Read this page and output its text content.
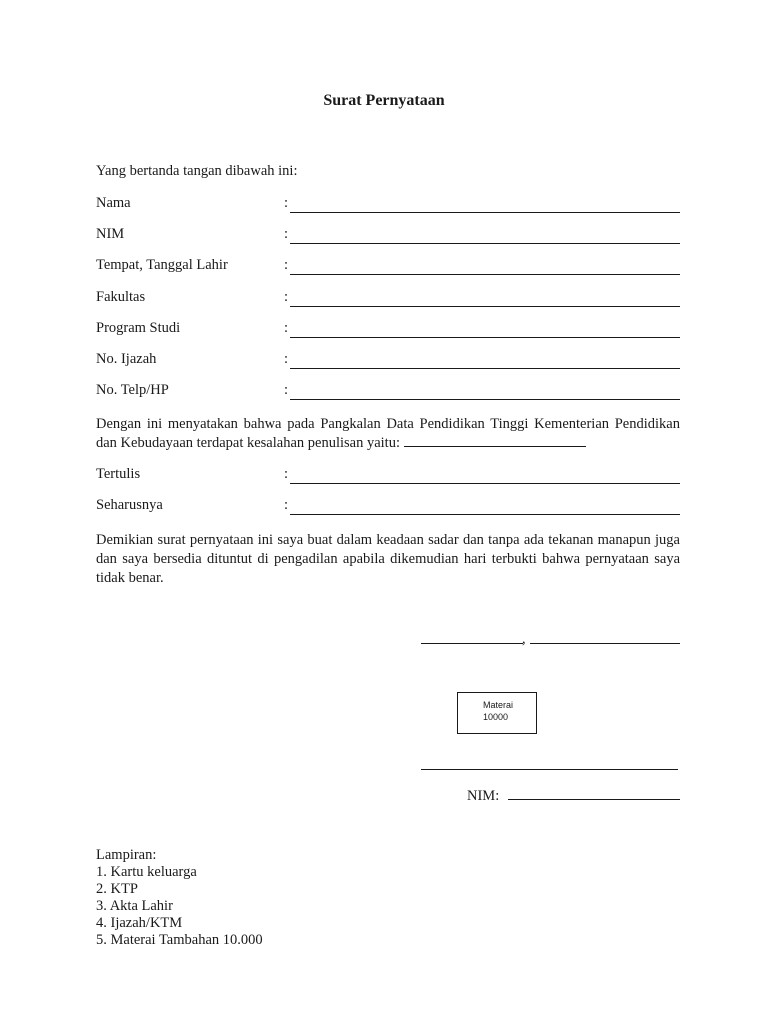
Surat Pernyataan

Yang bertanda tangan dibawah ini:

Nama	:
NIM	:
Tempat, Tanggal Lahir	:
Fakultas	:
Program Studi	:
No. Ijazah	:
No. Telp/HP	:

Dengan ini menyatakan bahwa pada Pangkalan Data Pendidikan Tinggi Kementerian Pendidikan dan Kebudayaan terdapat kesalahan penulisan yaitu:

Tertulis	:
Seharusnya	:

Demikian surat pernyataan ini saya buat dalam keadaan sadar dan tanpa ada tekanan manapun juga dan saya bersedia dituntut di pengadilan apabila dikemudian hari terbukti bahwa pernyataan saya tidak benar.

,
Materai
10000
NIM:
Lampiran:
1. Kartu keluarga
2. KTP
3. Akta Lahir
4. Ijazah/KTM
5. Materai Tambahan 10.000
